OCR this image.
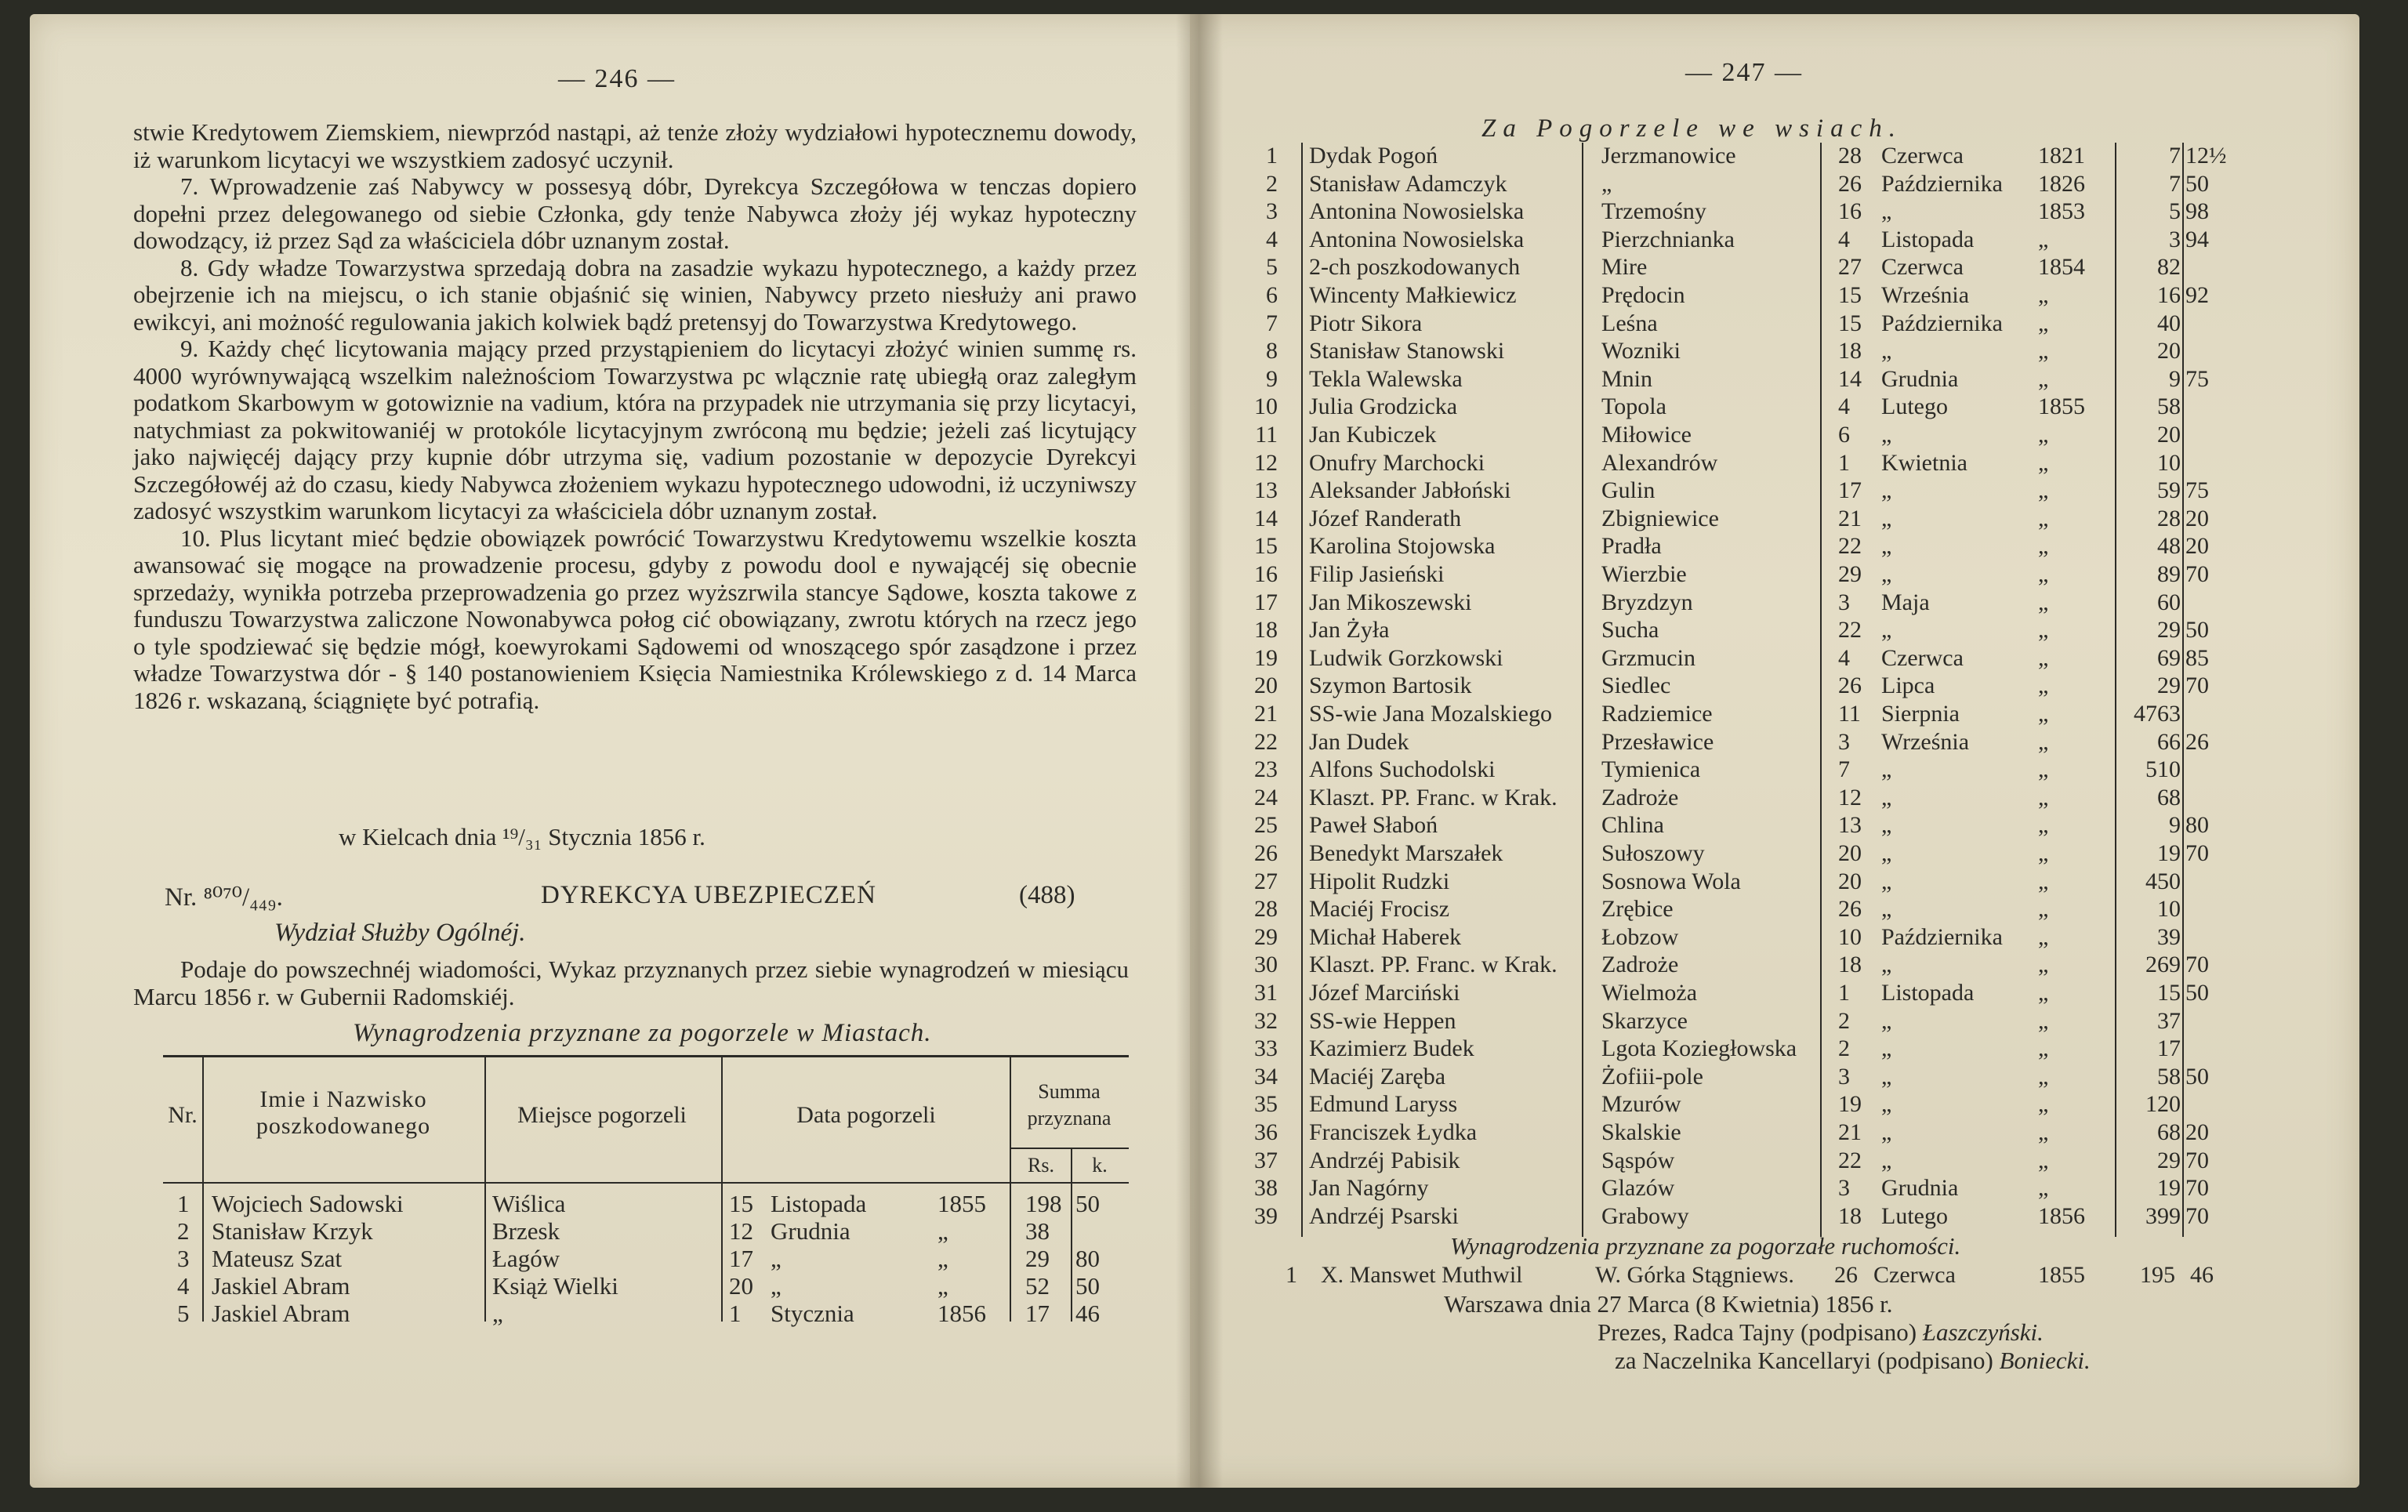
— 246 —

stwie Kredytowem Ziemskiem, niewprzód nastąpi, aż tenże złoży wydziałowi hypotecznemu dowody, iż warunkom licytacyi we wszystkiem zadosyć uczynił.

7. Wprowadzenie zaś Nabywcy w possesyą dóbr, Dyrekcya Szczegółowa w tenczas dopiero dopełni przez delegowanego od siebie Członka, gdy tenże Nabywca złoży jéj wykaz hypoteczny dowodzący, iż przez Sąd za właściciela dóbr uznanym został.

8. Gdy władze Towarzystwa sprzedają dobra na zasadzie wykazu hypotecznego, a każdy przez obejrzenie ich na miejscu, o ich stanie objaśnić się winien, Nabywcy przeto niesłuży ani prawo ewikcyi, ani możność regulowania jakich kolwiek bądź pretensyj do Towarzystwa Kredytowego.

9. Każdy chęć licytowania mający przed przystąpieniem do licytacyi złożyć winien summę rs. 4000 wyrównywającą wszelkim należnościom Towarzystwa pc wlącznie ratę ubiegłą oraz zaległym podatkom Skarbowym w gotowiznie na vadium, która na przypadek nie utrzymania się przy licytacyi, natychmiast za pokwitowaniéj w protokóle licytacyjnym zwróconą mu będzie; jeżeli zaś licytujący jako najwięcéj dający przy kupnie dóbr utrzyma się, vadium pozostanie w depozycie Dyrekcyi Szczegółowéj aż do czasu, kiedy Nabywca złożeniem wykazu hypotecznego udowodni, iż uczyniwszy zadosyć wszystkim warunkom licytacyi za właściciela dóbr uznanym został.

10. Plus licytant mieć będzie obowiązek powrócić Towarzystwu Kredytowemu wszelkie koszta awansować się mogące na prowadzenie procesu, gdyby z powodu dool e nywającéj się obecnie sprzedaży, wynikła potrzeba przeprowadzenia go przez wyższrwila stancye Sądowe, koszta takowe z funduszu Towarzystwa zaliczone Nowonabywca połog cić obowiązany, zwrotu których na rzecz jego o tyle spodziewać się będzie mógł, koewyrokami Sądowemi od wnoszącego spór zasądzone i przez władze Towarzystwa dór - § 140 postanowieniem Księcia Namiestnika Królewskiego z d. 14 Marca 1826 r. wskazaną, ściągnięte być potrafią.

w Kielcach dnia ¹⁹/₃₁ Stycznia 1856 r.
Nr. ⁸⁰⁷⁰/₄₄₉.	DYREKCYA UBEZPIECZEŃ	(488)
Wydział Służby Ogólnéj.
Podaje do powszechnéj wiadomości, Wykaz przyznanych przez siebie wynagrodzeń w miesiącu Marcu 1856 r. w Gubernii Radomskiéj.
Wynagrodzenia przyznane za pogorzele w Miastach.
Nr.
Imie i Nazwisko poszkodowanego	Miejsce pogorzeli	Data pogorzeli
Summa przyznana
Rs.	k.
1 Wojciech Sadowski	Wiślica	15 Listopada	1855 198 50
2 Stanisław Krzyk	Brzesk	12 Grudnia	„	38
3 Mateusz Szat	Łagów	17 „	„	29 80
4 Jaskiel Abram	Książ Wielki	20 „	„	52 50
5 Jaskiel Abram	„	1 Stycznia	1856 17 46
— 247 —
Za Pogorzele we wsiach.
1 Dydak Pogoń	Jerzmanowice	28 Czerwca	1821	7 12½
2 Stanisław Adamczyk	„	26 Października 1826	7 50
3 Antonina Nowosielska	Trzemośny	16 „	1853	5 98
4 Antonina Nowosielska	Pierzchnianka	4 Listopada	„	3 94
5 2-ch poszkodowanych	Mire	27 Czerwca	1854	82
6 Wincenty Małkiewicz	Prędocin	15 Września	„	16 92
7 Piotr Sikora	Leśna	15 Października „	40
8 Stanisław Stanowski	Wozniki	18 „	„	20
9 Tekla Walewska	Mnin	14 Grudnia	„	9 75
10 Julia Grodzicka	Topola	4 Lutego	1855	58
11 Jan Kubiczek	Miłowice	6 „	„	20
12 Onufry Marchocki	Alexandrów	1 Kwietnia	„	10
13 Aleksander Jabłoński	Gulin	17 „	„	59 75
14 Józef Randerath	Zbigniewice	21 „	„	28 20
15 Karolina Stojowska	Pradła	22 „	„	48 20
16 Filip Jasieński	Wierzbie	29 „	„	89 70
17 Jan Mikoszewski	Bryzdzyn	3 Maja	„	60
18 Jan Żyła	Sucha	22 „	„	29 50
19 Ludwik Gorzkowski	Grzmucin	4 Czerwca	„	69 85
20 Szymon Bartosik	Siedlec	26 Lipca	„	29 70
21 SS-wie Jana Mozalskiego Radziemice	11 Sierpnia	„	4763
22 Jan Dudek	Przesławice	3 Września	„	66 26
23 Alfons Suchodolski	Tymienica	7 „	„	510
24 Klaszt. PP. Franc. w Krak. Zadroże	12 „	„	68
25 Paweł Słaboń	Chlina	13 „	„	9 80
26 Benedykt Marszałek	Sułoszowy	20 „	„	19 70
27 Hipolit Rudzki	Sosnowa Wola	20 „	„	450
28 Maciéj Frocisz	Zrębice	26 „	„	10
29 Michał Haberek	Łobzow	10 Października „	39
30 Klaszt. PP. Franc. w Krak. Zadroże	18 „	„	269 70
31 Józef Marciński	Wielmoża	1 Listopada	„	15 50
32 SS-wie Heppen	Skarzyce	2 „	„	37
33 Kazimierz Budek	Lgota Koziegłowska 2 „	„	17
34 Maciéj Zaręba	Żofiii-pole	3 „	„	58 50
35 Edmund Laryss	Mzurów	19 „	„	120
36 Franciszek Łydka	Skalskie	21 „	„	68 20
37 Andrzéj Pabisik	Sąspów	22 „	„	29 70
38 Jan Nagórny	Glazów	3 Grudnia	„	19 70
39 Andrzéj Psarski	Grabowy	18 Lutego	1856	399 70
Wynagrodzenia przyznane za pogorzałe ruchomości.
1 X. Manswet Muthwil	W. Górka Stągniews. 26 Czerwca	1855 195 46
Warszawa dnia 27 Marca (8 Kwietnia) 1856 r.
Prezes, Radca Tajny (podpisano) Łaszczyński.
za Naczelnika Kancellaryi (podpisano) Boniecki.
